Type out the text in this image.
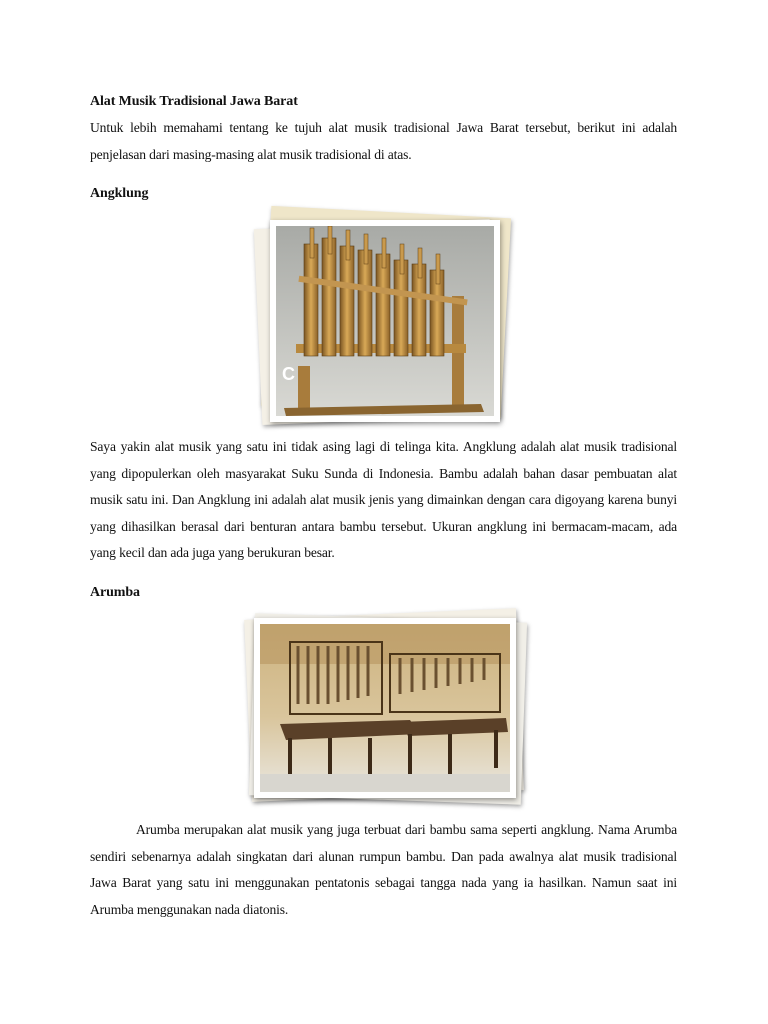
Alat Musik Tradisional Jawa Barat
Untuk lebih memahami tentang ke tujuh alat musik tradisional Jawa Barat tersebut, berikut ini adalah penjelasan dari masing-masing alat musik tradisional di atas.
Angklung
C
Saya yakin alat musik yang satu ini tidak asing lagi di telinga kita. Angklung adalah alat musik tradisional yang dipopulerkan oleh masyarakat Suku Sunda di Indonesia. Bambu adalah bahan dasar pembuatan alat musik satu ini. Dan Angklung ini adalah alat musik jenis yang dimainkan dengan cara digoyang karena bunyi yang dihasilkan berasal dari benturan antara bambu tersebut. Ukuran angklung ini bermacam-macam, ada yang kecil dan ada juga yang berukuran besar.
Arumba
Arumba merupakan alat musik yang juga terbuat dari bambu sama seperti angklung. Nama Arumba sendiri sebenarnya adalah singkatan dari alunan rumpun bambu. Dan pada awalnya alat musik tradisional Jawa Barat yang satu ini menggunakan pentatonis sebagai tangga nada yang ia hasilkan. Namun saat ini Arumba menggunakan nada diatonis.
